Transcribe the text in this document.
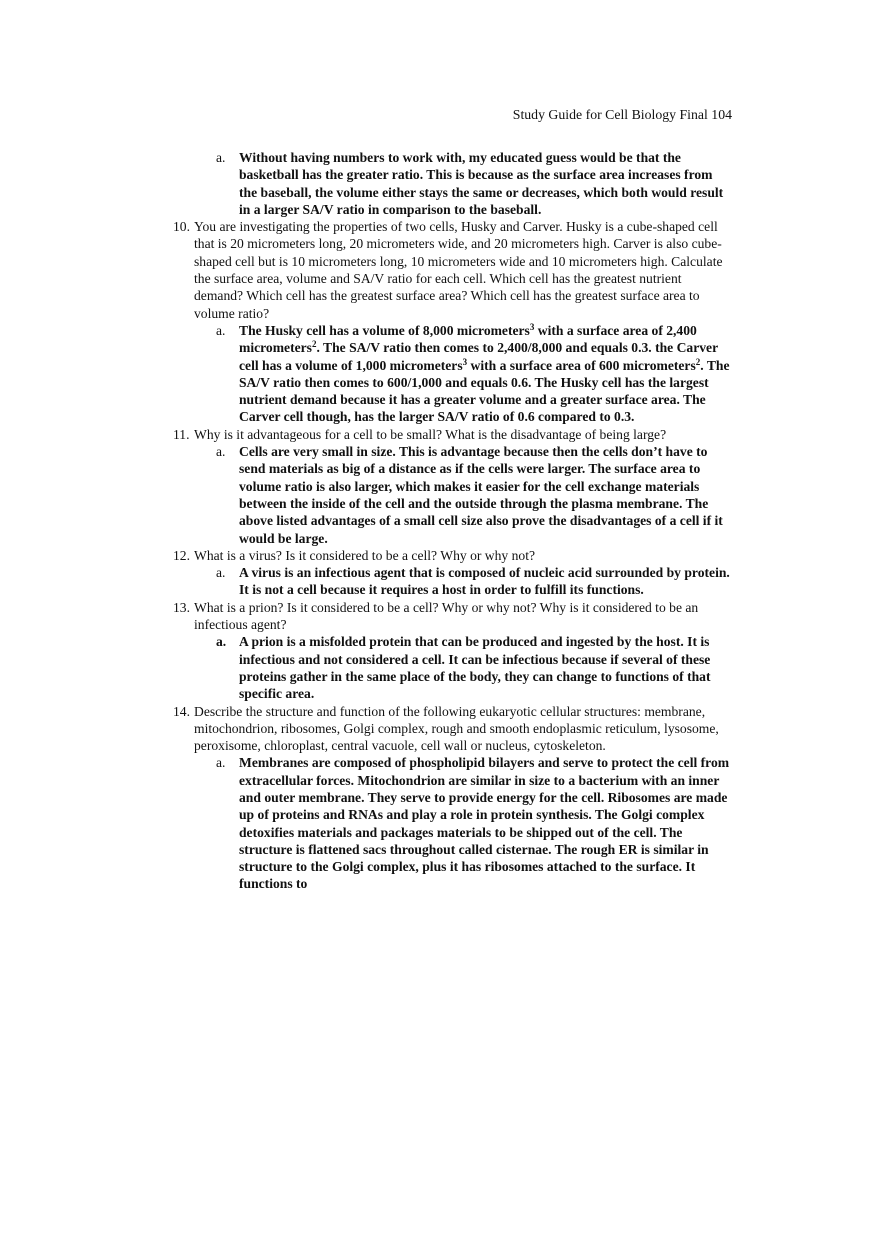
Study Guide for Cell Biology Final 104
a. Without having numbers to work with, my educated guess would be that the basketball has the greater ratio. This is because as the surface area increases from the baseball, the volume either stays the same or decreases, which both would result in a larger SA/V ratio in comparison to the baseball.
10. You are investigating the properties of two cells, Husky and Carver. Husky is a cube-shaped cell that is 20 micrometers long, 20 micrometers wide, and 20 micrometers high. Carver is also cube-shaped cell but is 10 micrometers long, 10 micrometers wide and 10 micrometers high. Calculate the surface area, volume and SA/V ratio for each cell. Which cell has the greatest nutrient demand? Which cell has the greatest surface area? Which cell has the greatest surface area to volume ratio?
a. The Husky cell has a volume of 8,000 micrometers$^3$ with a surface area of 2,400 micrometers$^2$. The SA/V ratio then comes to 2,400/8,000 and equals 0.3. the Carver cell has a volume of 1,000 micrometers$^3$ with a surface area of 600 micrometers$^2$. The SA/V ratio then comes to 600/1,000 and equals 0.6. The Husky cell has the largest nutrient demand because it has a greater volume and a greater surface area. The Carver cell though, has the larger SA/V ratio of 0.6 compared to 0.3.
11. Why is it advantageous for a cell to be small? What is the disadvantage of being large?
a. Cells are very small in size. This is advantage because then the cells don’t have to send materials as big of a distance as if the cells were larger. The surface area to volume ratio is also larger, which makes it easier for the cell exchange materials between the inside of the cell and the outside through the plasma membrane. The above listed advantages of a small cell size also prove the disadvantages of a cell if it would be large.
12. What is a virus? Is it considered to be a cell? Why or why not?
a. A virus is an infectious agent that is composed of nucleic acid surrounded by protein. It is not a cell because it requires a host in order to fulfill its functions.
13. What is a prion? Is it considered to be a cell? Why or why not? Why is it considered to be an infectious agent?
a. A prion is a misfolded protein that can be produced and ingested by the host. It is infectious and not considered a cell. It can be infectious because if several of these proteins gather in the same place of the body, they can change to functions of that specific area.
14. Describe the structure and function of the following eukaryotic cellular structures: membrane, mitochondrion, ribosomes, Golgi complex, rough and smooth endoplasmic reticulum, lysosome, peroxisome, chloroplast, central vacuole, cell wall or nucleus, cytoskeleton.
a. Membranes are composed of phospholipid bilayers and serve to protect the cell from extracellular forces. Mitochondrion are similar in size to a bacterium with an inner and outer membrane. They serve to provide energy for the cell. Ribosomes are made up of proteins and RNAs and play a role in protein synthesis. The Golgi complex detoxifies materials and packages materials to be shipped out of the cell. The structure is flattened sacs throughout called cisternae. The rough ER is similar in structure to the Golgi complex, plus it has ribosomes attached to the surface. It functions to
